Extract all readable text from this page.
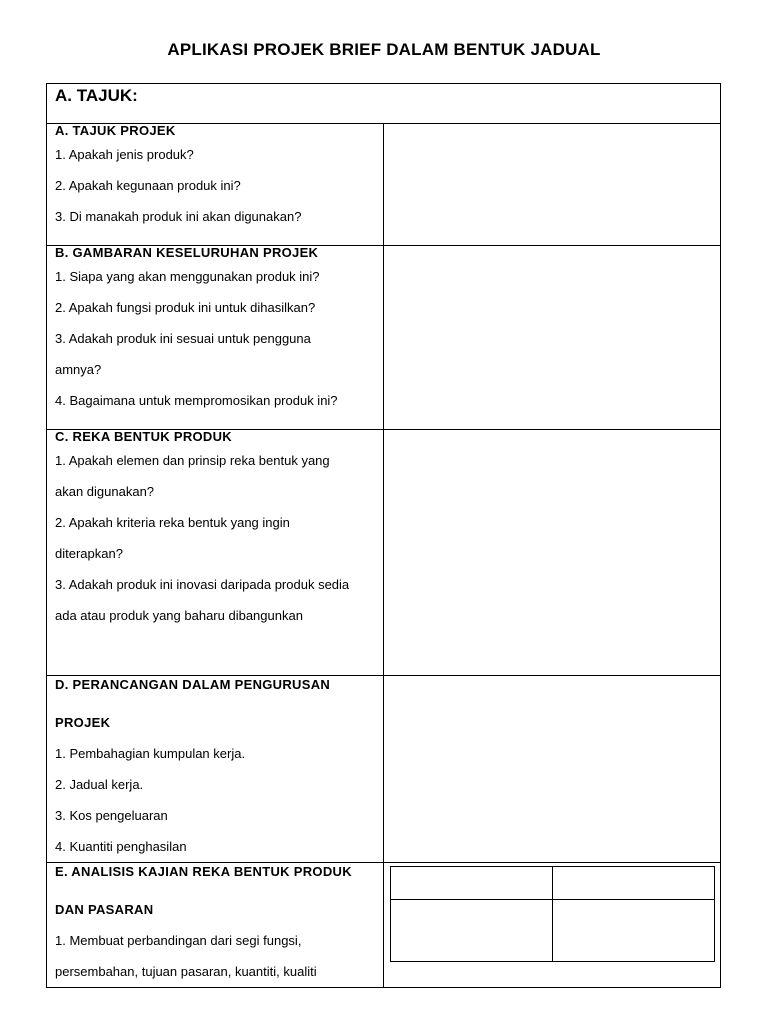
APLIKASI PROJEK BRIEF DALAM BENTUK JADUAL
A. TAJUK:

A. TAJUK PROJEK
1. Apakah jenis produk?
2. Apakah kegunaan produk ini?
3. Di manakah produk ini akan digunakan?

B. GAMBARAN KESELURUHAN PROJEK
1. Siapa yang akan menggunakan produk ini?
2. Apakah fungsi produk ini untuk dihasilkan?
3. Adakah produk ini sesuai untuk pengguna
amnya?
4. Bagaimana untuk mempromosikan produk ini?

C. REKA BENTUK PRODUK
1. Apakah elemen dan prinsip reka bentuk yang
akan digunakan?
2. Apakah kriteria reka bentuk yang ingin
diterapkan?
3. Adakah produk ini inovasi daripada produk sedia
ada atau produk yang baharu dibangunkan

D. PERANCANGAN DALAM PENGURUSAN
PROJEK
1. Pembahagian kumpulan kerja.
2. Jadual kerja.
3. Kos pengeluaran
4. Kuantiti penghasilan

E. ANALISIS KAJIAN REKA BENTUK PRODUK
DAN PASARAN
1. Membuat perbandingan dari segi fungsi,
persembahan, tujuan pasaran, kuantiti, kualiti
